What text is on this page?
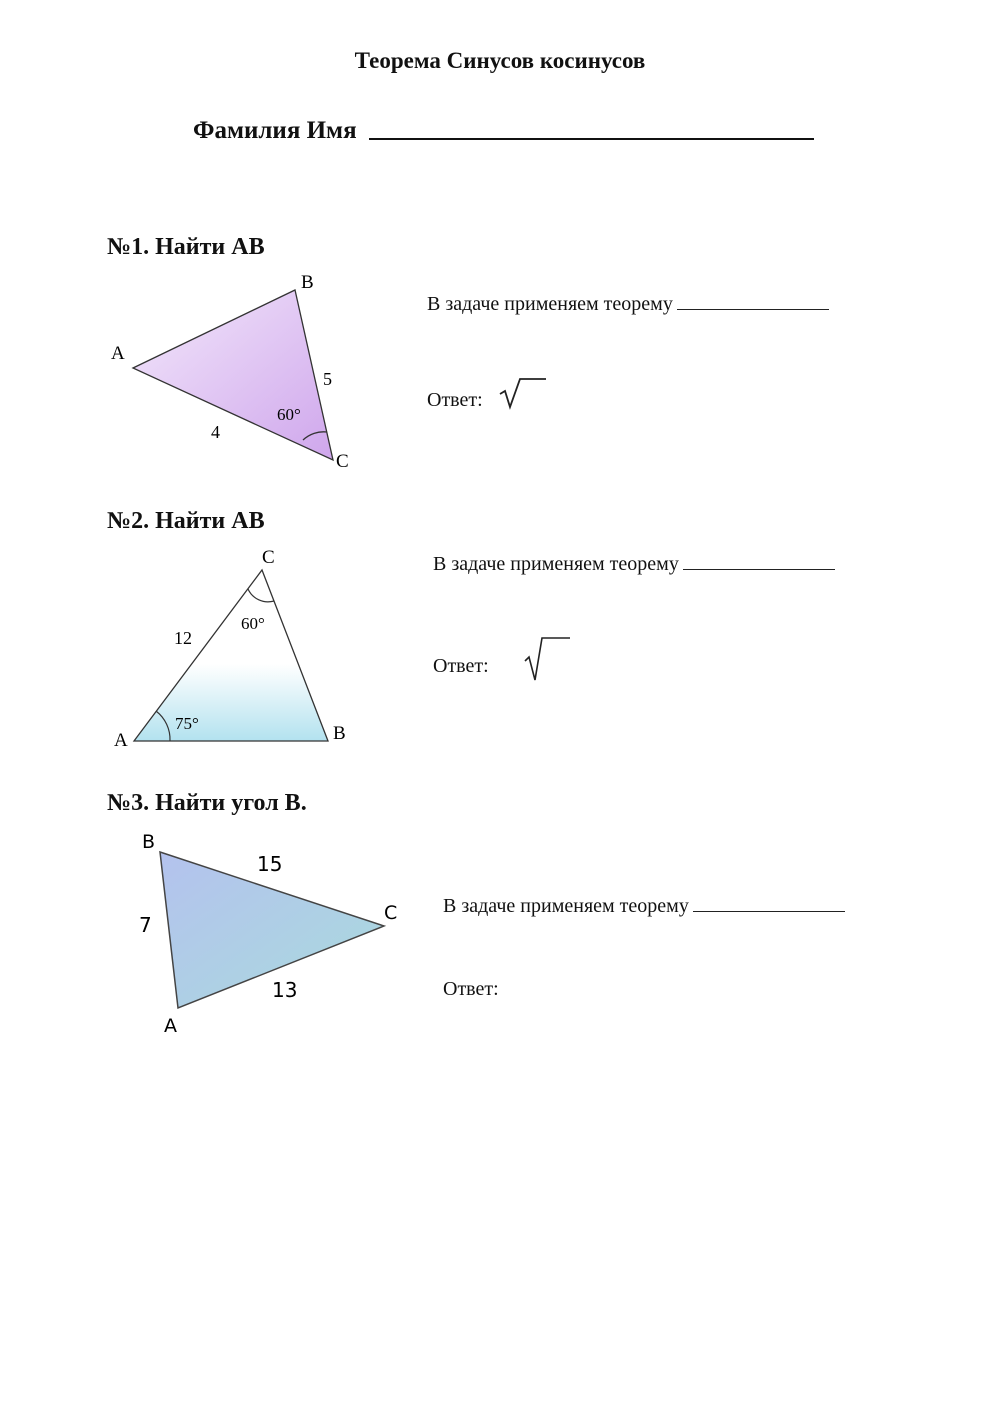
Теорема Синусов косинусов
Фамилия Имя
№1. Найти АВ
A
B
C
5
4
60°
В задаче применяем теорему
Ответ:
№2. Найти АВ
C
A	B
12
60°
75°
В задаче применяем теорему
Ответ:
№3. Найти угол В.
B
C
A
7
15
13
В задаче применяем теорему
Ответ:
